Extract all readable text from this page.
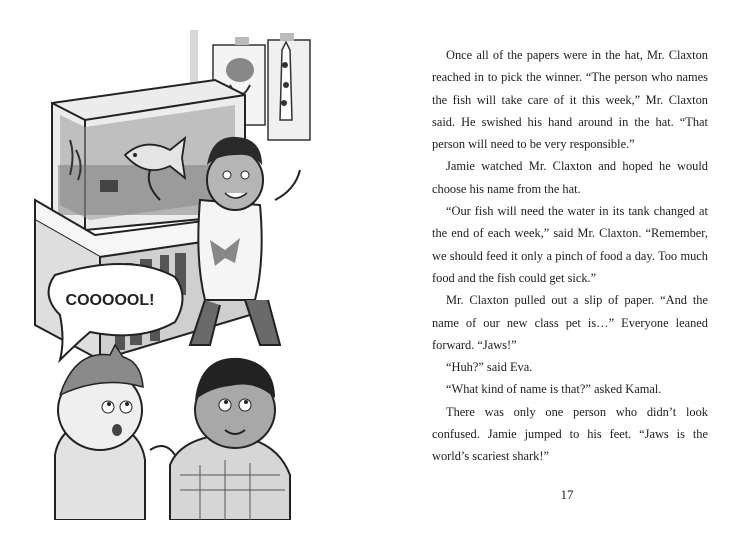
COOOOOL!

Once all of the papers were in the hat, Mr. Claxton reached in to pick the winner. “The person who names the fish will take care of it this week,” Mr. Claxton said. He swished his hand around in the hat. “That person will need to be very responsible.”

Jamie watched Mr. Claxton and hoped he would choose his name from the hat.

“Our fish will need the water in its tank changed at the end of each week,” said Mr. Claxton. “Remember, we should feed it only a pinch of food a day. Too much food and the fish could get sick.”

Mr. Claxton pulled out a slip of paper. “And the name of our new class pet is…” Everyone leaned forward. “Jaws!”

“Huh?” said Eva.

“What kind of name is that?” asked Kamal.

There was only one person who didn’t look confused. Jamie jumped to his feet. “Jaws is the world’s scariest shark!”

17
